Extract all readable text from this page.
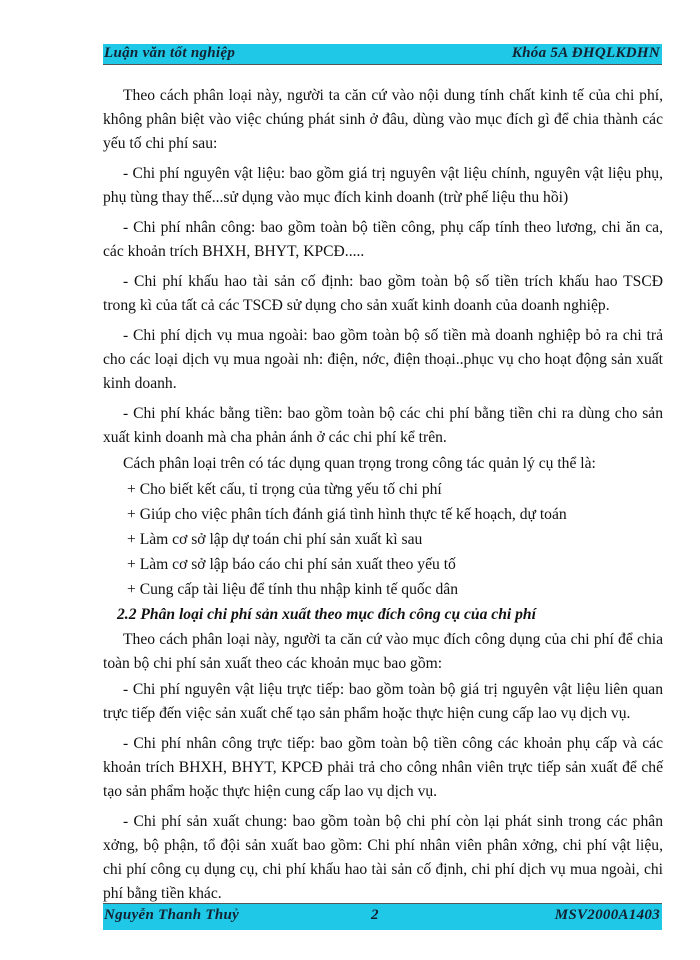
Luận văn tốt nghiệp	Khóa 5A ĐHQLKDHN

Theo cách phân loại này, người ta căn cứ vào nội dung tính chất kinh tế của chi phí, không phân biệt vào việc chúng phát sinh ở đâu, dùng vào mục đích gì để chia thành các yếu tố chi phí sau:

‐ Chi phí nguyên vật liệu: bao gồm giá trị nguyên vật liệu chính, nguyên vật liệu phụ, phụ tùng thay thế...sử dụng vào mục đích kinh doanh (trừ phế liệu thu hồi)

‐ Chi phí nhân công: bao gồm toàn bộ tiền công, phụ cấp tính theo lương, chi ăn ca, các khoản trích BHXH, BHYT, KPCĐ.....

‐ Chi phí khấu hao tài sản cố định: bao gồm toàn bộ số tiền trích khấu hao TSCĐ trong kì của tất cả các TSCĐ sử dụng cho sản xuất kinh doanh của doanh nghiệp.

‐ Chi phí dịch vụ mua ngoài: bao gồm toàn bộ số tiền mà doanh nghiệp bỏ ra chi trả cho các loại dịch vụ mua ngoài nh: điện, nớc, điện thoại..phục vụ cho hoạt động sản xuất kinh doanh.

‐ Chi phí khác bằng tiền: bao gồm toàn bộ các chi phí bằng tiền chi ra dùng cho sản xuất kinh doanh mà cha phản ánh ở các chi phí kể trên.

Cách phân loại trên có tác dụng quan trọng trong công tác quản lý cụ thể là:

+ Cho biết kết cấu, tỉ trọng của từng yếu tố chi phí

+ Giúp cho việc phân tích đánh giá tình hình thực tế kế hoạch, dự toán

+ Làm cơ sở lập dự toán chi phí sản xuất kì sau

+ Làm cơ sở lập báo cáo chi phí sản xuất theo yếu tố

+ Cung cấp tài liệu để tính thu nhập kinh tế quốc dân

2.2 Phân loại chi phí sản xuất theo mục đích công cụ của chi phí

Theo cách phân loại này, người ta căn cứ vào mục đích công dụng của chi phí để chia toàn bộ chi phí sản xuất theo các khoản mục bao gồm:

- Chi phí nguyên vật liệu trực tiếp: bao gồm toàn bộ giá trị nguyên vật liệu liên quan trực tiếp đến việc sản xuất chế tạo sản phẩm hoặc thực hiện cung cấp lao vụ dịch vụ.

‐ Chi phí nhân công trực tiếp: bao gồm toàn bộ tiền công các khoản phụ cấp và các khoản trích BHXH, BHYT, KPCĐ phải trả cho công nhân viên trực tiếp sản xuất để chế tạo sản phẩm hoặc thực hiện cung cấp lao vụ dịch vụ.

‐ Chi phí sản xuất chung: bao gồm toàn bộ chi phí còn lại phát sinh trong các phân xởng, bộ phận, tổ đội sản xuất bao gồm: Chi phí nhân viên phân xởng, chi phí vật liệu, chi phí công cụ dụng cụ, chi phí khấu hao tài sản cố định, chi phí dịch vụ mua ngoài, chi phí bằng tiền khác.

Nguyễn Thanh Thuỷ	2	MSV2000A1403
